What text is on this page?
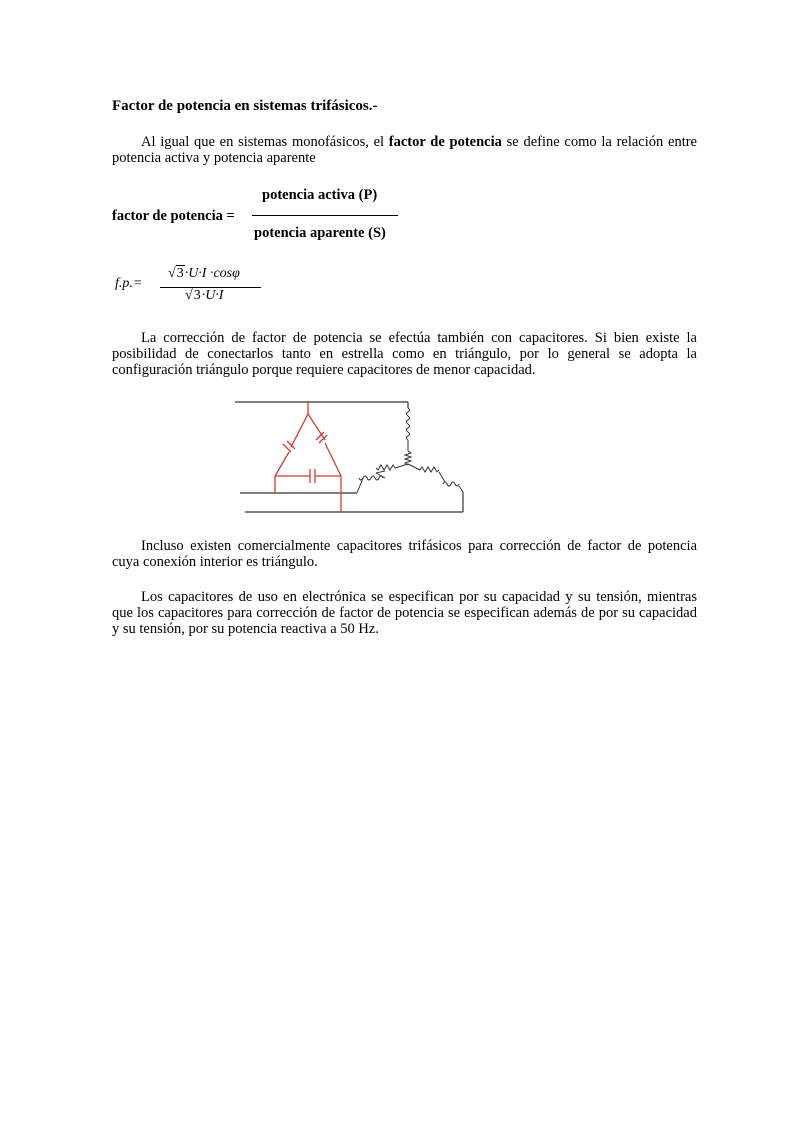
Factor de potencia en sistemas trifásicos.-
Al igual que en sistemas monofásicos, el factor de potencia se define como la relación entre potencia activa y potencia aparente
factor de potencia =
potencia activa (P)
potencia aparente (S)
f.p.=
√3·U·I ·cosφ
√3·U·I
La corrección de factor de potencia se efectúa también con capacitores. Si bien existe la posibilidad de conectarlos tanto en estrella como en triángulo, por lo general se adopta la configuración triángulo porque requiere capacitores de menor capacidad.
Incluso existen comercialmente capacitores trifásicos para corrección de factor de potencia cuya conexión interior es triángulo.
Los capacitores de uso en electrónica se especifican por su capacidad y su tensión, mientras que los capacitores para corrección de factor de potencia se especifican además de por su capacidad y su tensión, por su potencia reactiva a 50 Hz.
